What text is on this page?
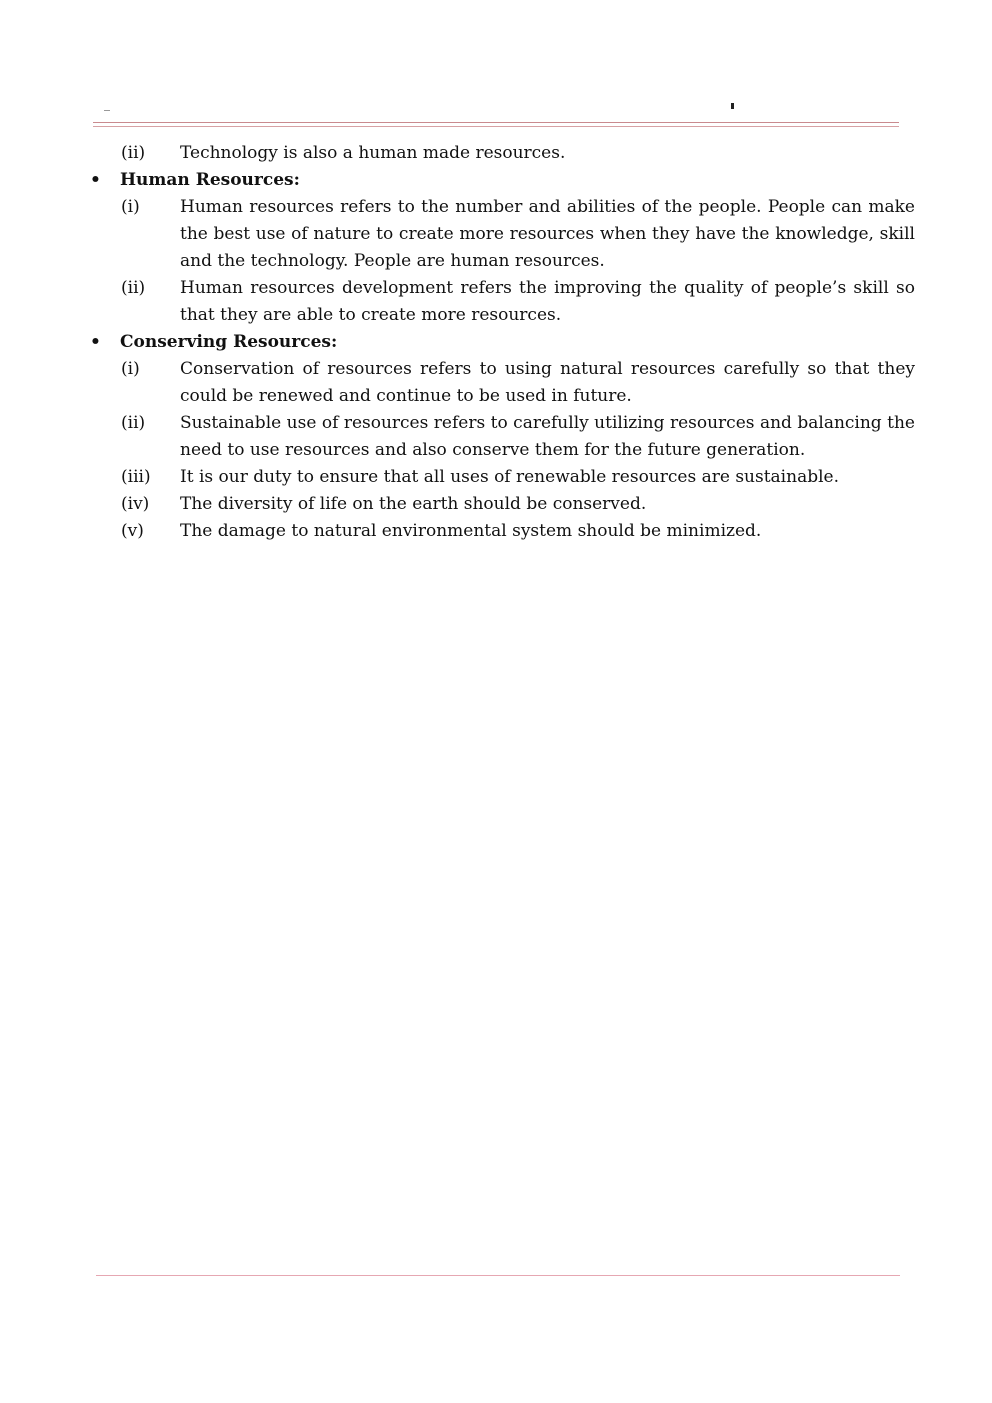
(ii) Technology is also a human made resources.
• Human Resources:
(i) Human resources refers to the number and abilities of the people. People can make the best use of nature to create more resources when they have the knowledge, skill and the technology. People are human resources.
(ii) Human resources development refers the improving the quality of people’s skill so that they are able to create more resources.
• Conserving Resources:
(i) Conservation of resources refers to using natural resources carefully so that they could be renewed and continue to be used in future.
(ii) Sustainable use of resources refers to carefully utilizing resources and balancing the need to use resources and also conserve them for the future generation.
(iii) It is our duty to ensure that all uses of renewable resources are sustainable.
(iv) The diversity of life on the earth should be conserved.
(v) The damage to natural environmental system should be minimized.
